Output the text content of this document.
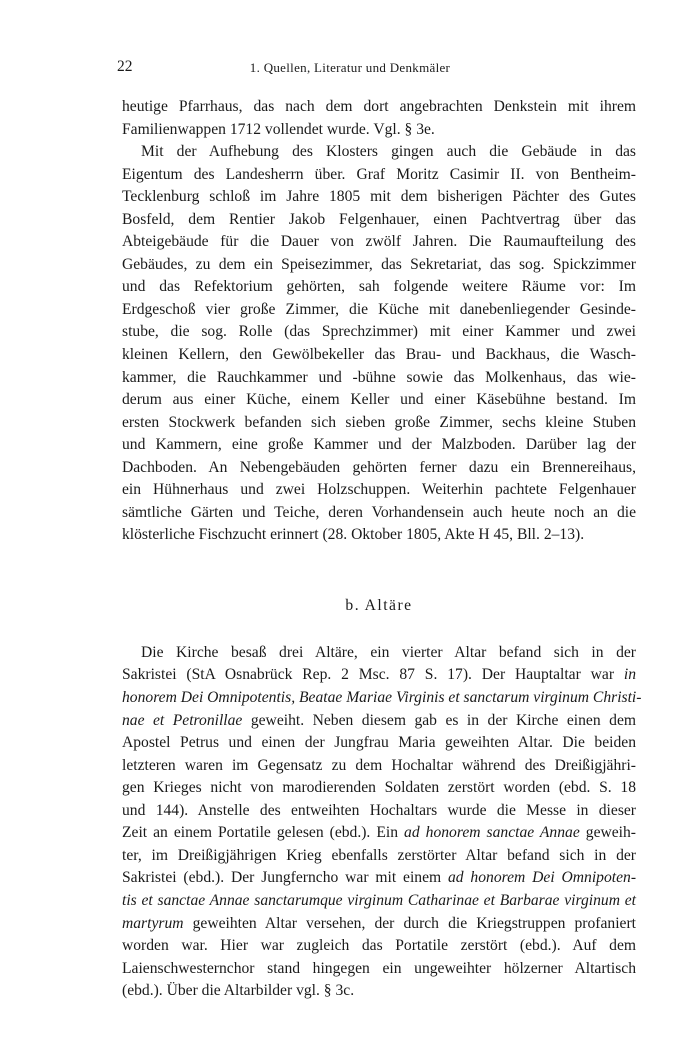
22	1. Quellen, Literatur und Denkmäler
heutige Pfarrhaus, das nach dem dort angebrachten Denkstein mit ihrem
Familienwappen 1712 vollendet wurde. Vgl. § 3e.
Mit der Aufhebung des Klosters gingen auch die Gebäude in das
Eigentum des Landesherrn über. Graf Moritz Casimir II. von Bentheim-
Tecklenburg schloß im Jahre 1805 mit dem bisherigen Pächter des Gutes
Bosfeld, dem Rentier Jakob Felgenhauer, einen Pachtvertrag über das
Abteigebäude für die Dauer von zwölf Jahren. Die Raumaufteilung des
Gebäudes, zu dem ein Speisezimmer, das Sekretariat, das sog. Spickzimmer
und das Refektorium gehörten, sah folgende weitere Räume vor: Im
Erdgeschoß vier große Zimmer, die Küche mit danebenliegender Gesinde-
stube, die sog. Rolle (das Sprechzimmer) mit einer Kammer und zwei
kleinen Kellern, den Gewölbekeller das Brau- und Backhaus, die Wasch-
kammer, die Rauchkammer und -bühne sowie das Molkenhaus, das wie-
derum aus einer Küche, einem Keller und einer Käsebühne bestand. Im
ersten Stockwerk befanden sich sieben große Zimmer, sechs kleine Stuben
und Kammern, eine große Kammer und der Malzboden. Darüber lag der
Dachboden. An Nebengebäuden gehörten ferner dazu ein Brennereihaus,
ein Hühnerhaus und zwei Holzschuppen. Weiterhin pachtete Felgenhauer
sämtliche Gärten und Teiche, deren Vorhandensein auch heute noch an die
klösterliche Fischzucht erinnert (28. Oktober 1805, Akte H 45, Bll. 2–13).
b. Altäre
Die Kirche besaß drei Altäre, ein vierter Altar befand sich in der
Sakristei (StA Osnabrück Rep. 2 Msc. 87 S. 17). Der Hauptaltar war in
honorem Dei Omnipotentis, Beatae Mariae Virginis et sanctarum virginum Christi-
nae et Petronillae geweiht. Neben diesem gab es in der Kirche einen dem
Apostel Petrus und einen der Jungfrau Maria geweihten Altar. Die beiden
letzteren waren im Gegensatz zu dem Hochaltar während des Dreißigjähri-
gen Krieges nicht von marodierenden Soldaten zerstört worden (ebd. S. 18
und 144). Anstelle des entweihten Hochaltars wurde die Messe in dieser
Zeit an einem Portatile gelesen (ebd.). Ein ad honorem sanctae Annae geweih-
ter, im Dreißigjährigen Krieg ebenfalls zerstörter Altar befand sich in der
Sakristei (ebd.). Der Jungferncho war mit einem ad honorem Dei Omnipoten-
tis et sanctae Annae sanctarumque virginum Catharinae et Barbarae virginum et
martyrum geweihten Altar versehen, der durch die Kriegstruppen profaniert
worden war. Hier war zugleich das Portatile zerstört (ebd.). Auf dem
Laienschwesternchor stand hingegen ein ungeweihter hölzerner Altartisch
(ebd.). Über die Altarbilder vgl. § 3c.
